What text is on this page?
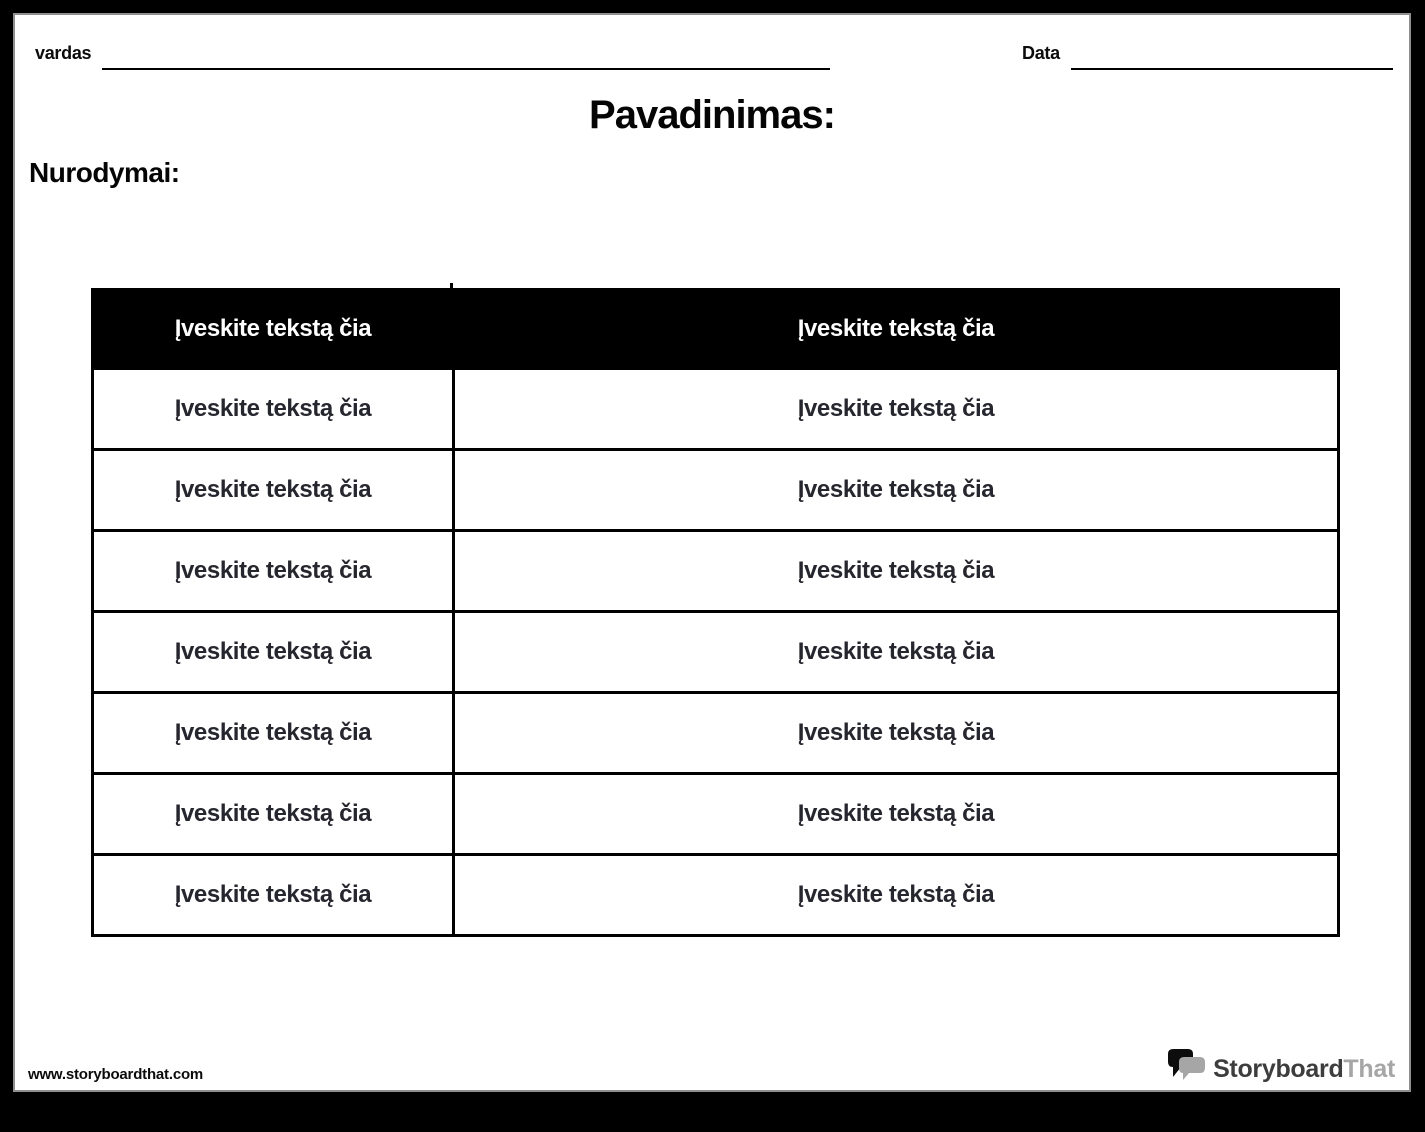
vardas	Data
Pavadinimas:
Nurodymai:
Įveskite tekstą čia	Įveskite tekstą čia
Įveskite tekstą čia	Įveskite tekstą čia
Įveskite tekstą čia	Įveskite tekstą čia
Įveskite tekstą čia	Įveskite tekstą čia
Įveskite tekstą čia	Įveskite tekstą čia
Įveskite tekstą čia	Įveskite tekstą čia
Įveskite tekstą čia	Įveskite tekstą čia
Įveskite tekstą čia	Įveskite tekstą čia
www.storyboardthat.com	StoryboardThat
